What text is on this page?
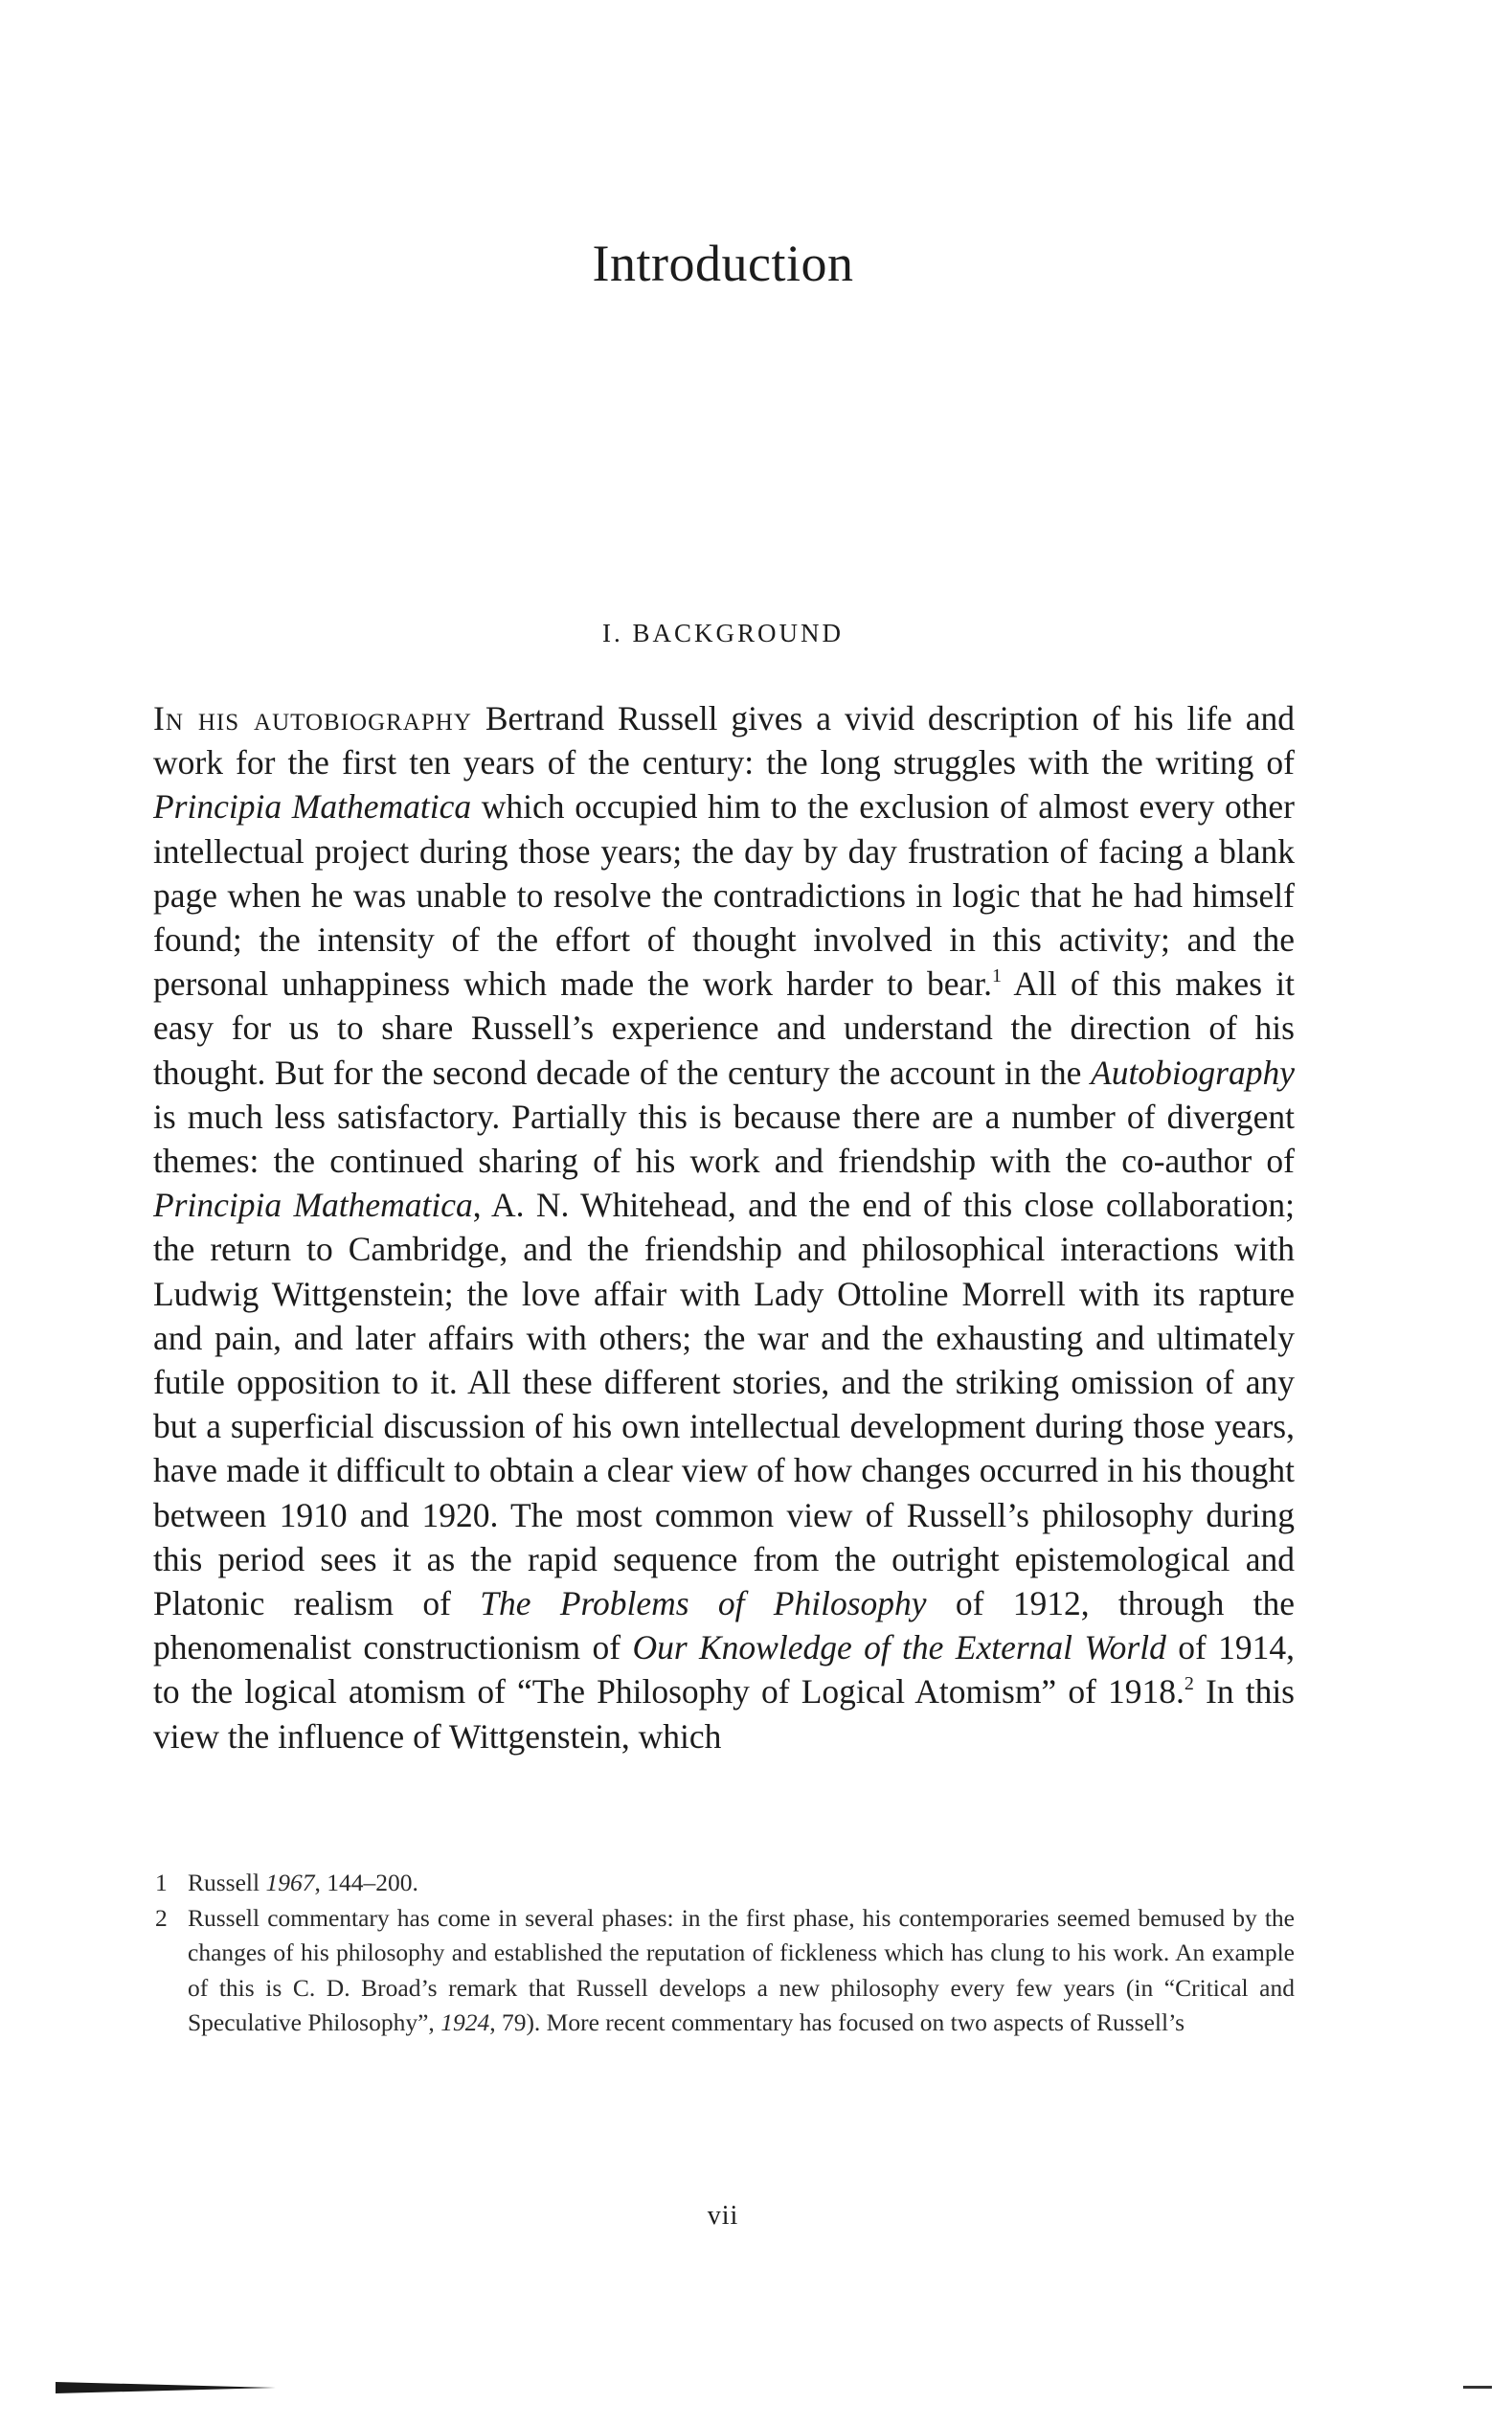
Introduction
I. BACKGROUND

In his autobiography Bertrand Russell gives a vivid description of his life and work for the first ten years of the century: the long struggles with the writing of Principia Mathematica which occupied him to the exclusion of almost every other intellectual project during those years; the day by day frustration of facing a blank page when he was unable to resolve the contradictions in logic that he had himself found; the intensity of the effort of thought involved in this activity; and the personal unhappiness which made the work harder to bear.$^1$ All of this makes it easy for us to share Russell’s experience and understand the direction of his thought. But for the second decade of the century the account in the Autobiography is much less satisfactory. Partially this is because there are a number of divergent themes: the continued sharing of his work and friendship with the co-author of Principia Mathematica, A. N. Whitehead, and the end of this close collaboration; the return to Cambridge, and the friendship and philosophical interactions with Ludwig Wittgenstein; the love affair with Lady Ottoline Morrell with its rapture and pain, and later affairs with others; the war and the exhausting and ultimately futile opposition to it. All these different stories, and the striking omission of any but a superficial discussion of his own intellectual development during those years, have made it difficult to obtain a clear view of how changes occurred in his thought between 1910 and 1920. The most common view of Russell’s philosophy during this period sees it as the rapid sequence from the outright epistemological and Platonic realism of The Problems of Philosophy of 1912, through the phenomenalist constructionism of Our Knowledge of the External World of 1914, to the logical atomism of “The Philosophy of Logical Atomism” of 1918.$^2$ In this view the influence of Wittgenstein, which

1 Russell 1967, 144–200.
2 Russell commentary has come in several phases: in the first phase, his contemporaries seemed bemused by the changes of his philosophy and established the reputation of fickleness which has clung to his work. An example of this is C. D. Broad’s remark that Russell develops a new philosophy every few years (in “Critical and Speculative Philosophy”, 1924, 79). More recent commentary has focused on two aspects of Russell’s
vii
